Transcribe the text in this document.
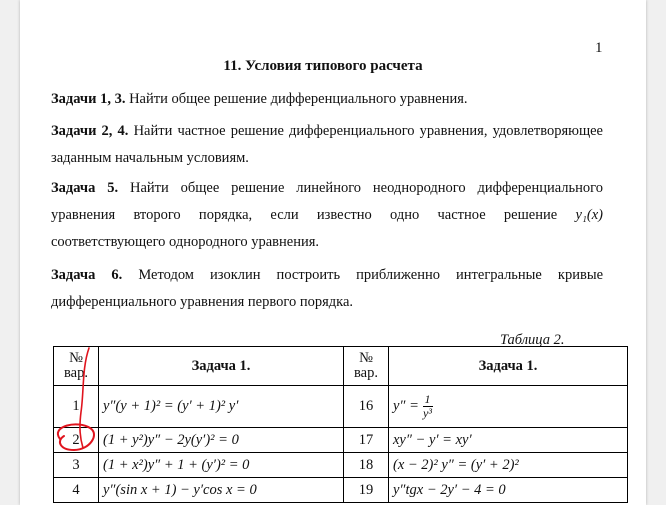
1
11. Условия типового расчета
Задачи 1, 3. Найти общее решение дифференциального уравнения.
Задачи 2, 4. Найти частное решение дифференциального уравнения, удовлетворяющее
заданным начальным условиям.
Задача 5. Найти общее решение линейного неоднородного дифференциального
уравнения второго порядка, если известно одно частное решение y₁(x)
соответствующего однородного уравнения.
Задача 6. Методом изоклин построить приближенно интегральные кривые
дифференциального уравнения первого порядка.
Таблица 2.
№ вар.	Задача 1.	№ вар.	Задача 1.
1	y″(y + 1)² = (y′ + 1)² y′	16	$y'' = \frac{1}{\text{y³}}$

2	(1 + y²)y″ − 2y(y′)² = 0	17	xy″ − y′ = xy′
3	(1 + x²)y″ + 1 + (y′)² = 0	18	(x − 2)² y″ = (y′ + 2)²
4	y″(sin x + 1) − y′cos x = 0	19	y″tgx − 2y′ − 4 = 0
